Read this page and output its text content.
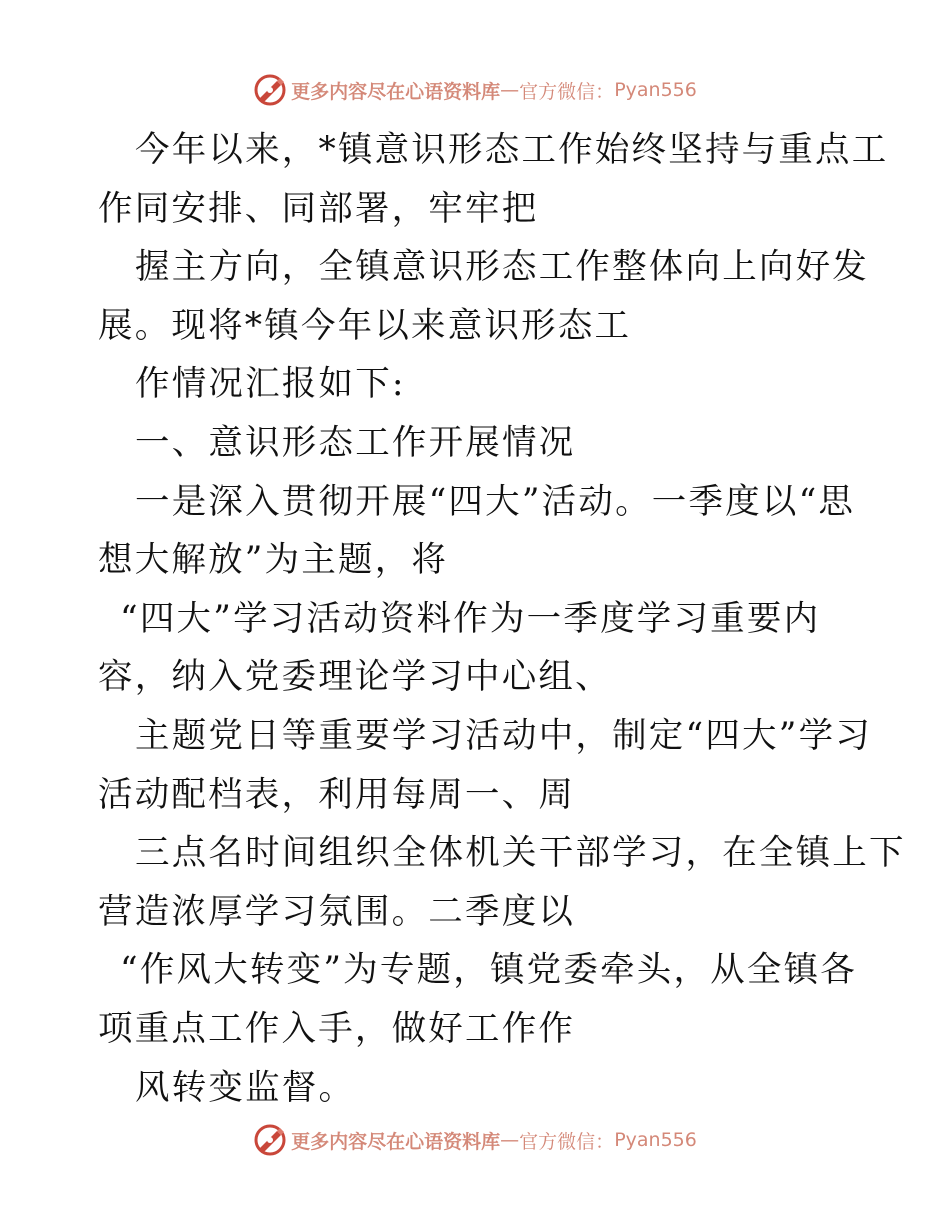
更多内容尽在心语资料库 — 官方微信： Pyan556
今年以来，*镇意识形态工作始终坚持与重点工
作同安排、同部署，牢牢把
握主方向，全镇意识形态工作整体向上向好发
展。现将*镇今年以来意识形态工
作情况汇报如下:
一、意识形态工作开展情况
一是深入贯彻开展“四大”活动。一季度以“思
想大解放”为主题，将
“四大”学习活动资料作为一季度学习重要内
容，纳入党委理论学习中心组、
主题党日等重要学习活动中，制定“四大”学习
活动配档表，利用每周一、周
三点名时间组织全体机关干部学习，在全镇上下
营造浓厚学习氛围。二季度以
“作风大转变”为专题，镇党委牵头，从全镇各
项重点工作入手，做好工作作
风转变监督。
更多内容尽在心语资料库 — 官方微信： Pyan556
